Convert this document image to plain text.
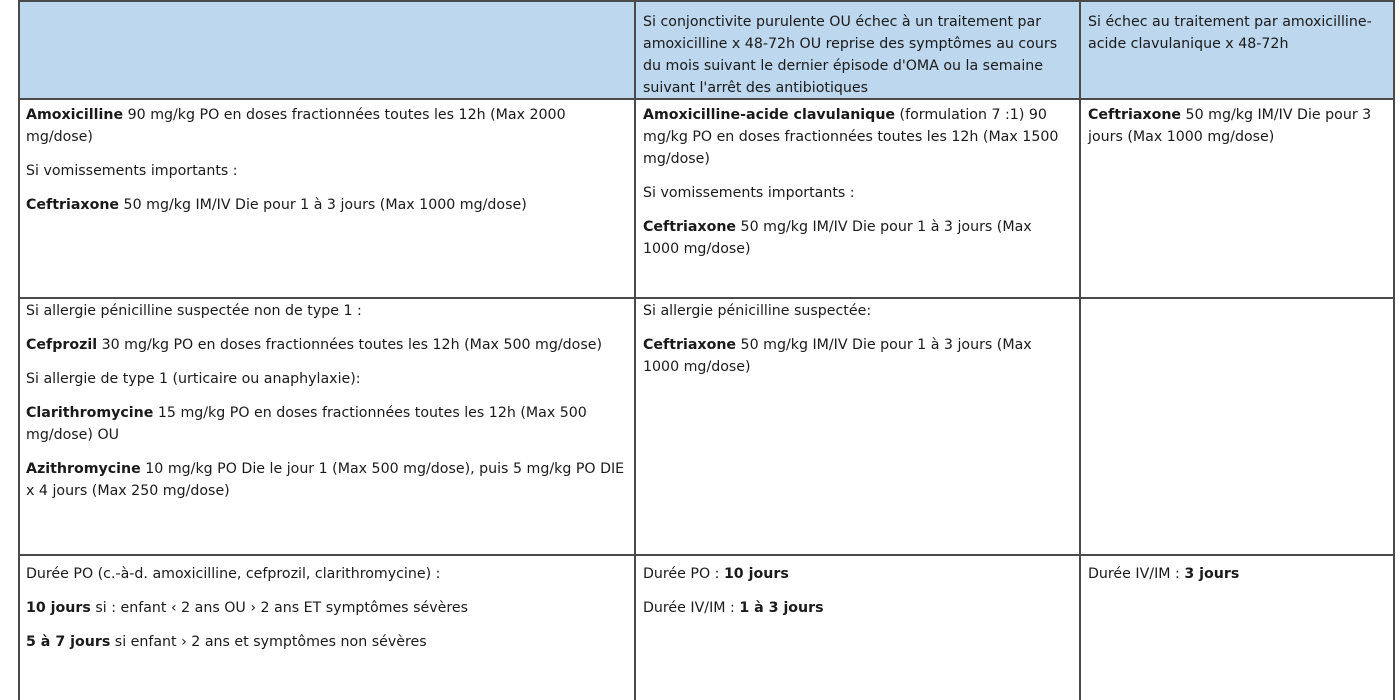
Si conjonctivite purulente OU échec à un traitement par amoxicilline x 48-72h OU reprise des symptômes au cours du mois suivant le dernier épisode d'OMA ou la semaine suivant l'arrêt des antibiotiques

Si échec au traitement par amoxicilline-acide clavulanique x 48-72h

Amoxicilline 90 mg/kg PO en doses fractionnées toutes les 12h (Max 2000 mg/dose)

Si vomissements importants :

Ceftriaxone 50 mg/kg IM/IV Die pour 1 à 3 jours (Max 1000 mg/dose)

Amoxicilline-acide clavulanique (formulation 7 :1) 90 mg/kg PO en doses fractionnées toutes les 12h (Max 1500 mg/dose)

Si vomissements importants :

Ceftriaxone 50 mg/kg IM/IV Die pour 1 à 3 jours (Max 1000 mg/dose)

Ceftriaxone 50 mg/kg IM/IV Die pour 3 jours (Max 1000 mg/dose)

Si allergie pénicilline suspectée non de type 1 :

Cefprozil 30 mg/kg PO en doses fractionnées toutes les 12h (Max 500 mg/dose)

Si allergie de type 1 (urticaire ou anaphylaxie):

Clarithromycine 15 mg/kg PO en doses fractionnées toutes les 12h (Max 500 mg/dose) OU

Azithromycine 10 mg/kg PO Die le jour 1 (Max 500 mg/dose), puis 5 mg/kg PO DIE x 4 jours (Max 250 mg/dose)

Si allergie pénicilline suspectée:

Ceftriaxone 50 mg/kg IM/IV Die pour 1 à 3 jours (Max 1000 mg/dose)

Durée PO (c.-à-d. amoxicilline, cefprozil, clarithromycine) :

10 jours si : enfant ‹ 2 ans OU › 2 ans ET symptômes sévères

5 à 7 jours si enfant › 2 ans et symptômes non sévères

Durée PO : 10 jours

Durée IV/IM : 1 à 3 jours

Durée IV/IM : 3 jours
